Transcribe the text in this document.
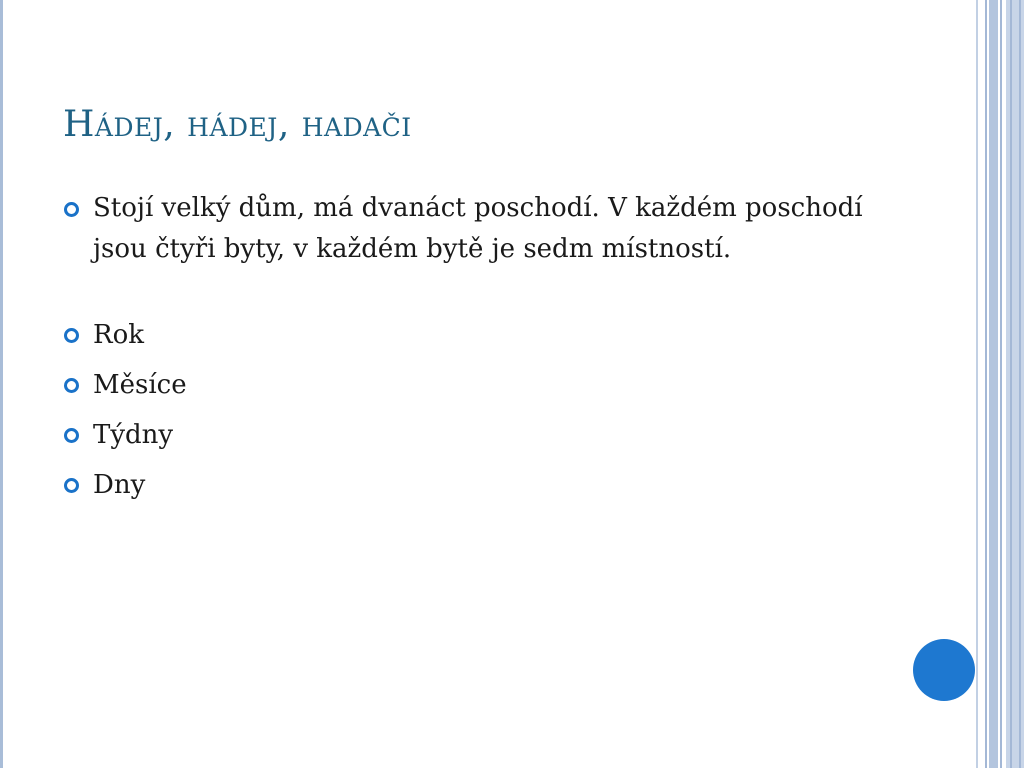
Hádej, hádej, hadači
Stojí velký dům, má dvanáct poschodí. V každém poschodí jsou čtyři byty, v každém bytě je sedm místností.
Rok
Měsíce
Týdny
Dny
